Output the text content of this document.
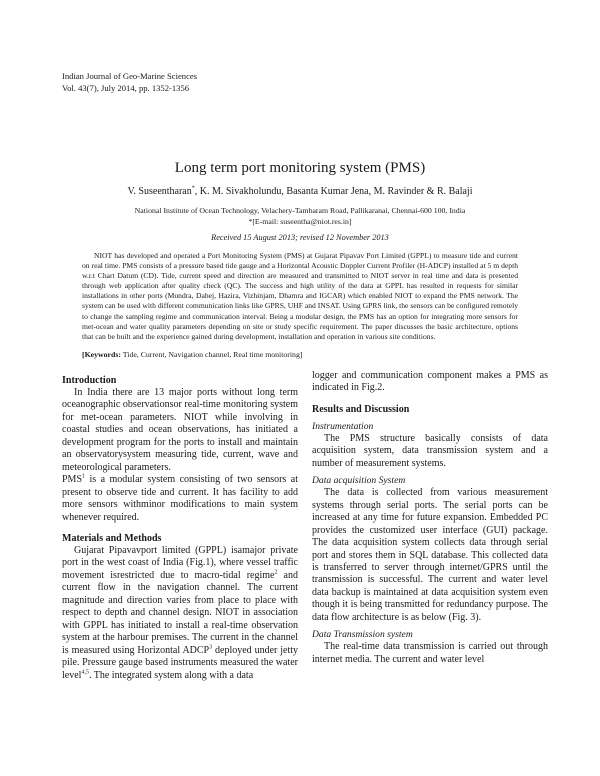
Indian Journal of Geo-Marine Sciences
Vol. 43(7), July 2014, pp. 1352-1356
Long term port monitoring system (PMS)
V. Suseentharan*, K. M. Sivakholundu, Basanta Kumar Jena, M. Ravinder & R. Balaji
National Institute of Ocean Technology, Velachery-Tambaram Road, Pallikaranai, Chennai-600 100, India
*[E-mail: suseentha@niot.res.in]
Received 15 August 2013; revised 12 November 2013

NIOT has developed and operated a Port Monitoring System (PMS) at Gujarat Pipavav Port Limited (GPPL) to measure tide and current on real time. PMS consists of a pressure based tide gauge and a Horizontal Acoustic Doppler Current Profiler (H-ADCP) installed at 5 m depth w.r.t Chart Datum (CD). Tide, current speed and direction are measured and transmitted to NIOT server in real time and data is presented through web application after quality check (QC). The success and high utility of the data at GPPL has resulted in requests for similar installations in other ports (Mundra, Dahej, Hazira, Vizhinjam, Dhamra and IGCAR) which enabled NIOT to expand the PMS network. The system can be used with different communication links like GPRS, UHF and INSAT. Using GPRS link, the sensors can be configured remotely to change the sampling regime and communication interval. Being a modular design, the PMS has an option for integrating more sensors for met-ocean and water quality parameters depending on site or study specific requirement. The paper discusses the basic architecture, options that can be built and the experience gained during development, installation and operation in various site conditions.

[Keywords: Tide, Current, Navigation channel, Real time monitoring]
Introduction

In India there are 13 major ports without long term oceanographic observationsor real-time monitoring system for met-ocean parameters. NIOT while involving in coastal studies and ocean observations, has initiated a development program for the ports to install and maintain an observatorysystem measuring tide, current, wave and meteorological parameters.

PMS$^1$ is a modular system consisting of two sensors at present to observe tide and current. It has facility to add more sensors withminor modifications to main system whenever required.

Materials and Methods

Gujarat Pipavavport limited (GPPL) isamajor private port in the west coast of India (Fig.1), where vessel traffic movement isrestricted due to macro-tidal regime$^2$ and current flow in the navigation channel. The current magnitude and direction varies from place to place with respect to depth and channel design. NIOT in association with GPPL has initiated to install a real-time observation system at the harbour premises. The current in the channel is measured using Horizontal ADCP$^3$ deployed under jetty pile. Pressure gauge based instruments measured the water level$^{4,5}$. The integrated system along with a data

logger and communication component makes a PMS as indicated in Fig.2.

Results and Discussion
Instrumentation

The PMS structure basically consists of data acquisition system, data transmission system and a number of measurement systems.

Data acquisition System

The data is collected from various measurement systems through serial ports. The serial ports can be increased at any time for future expansion. Embedded PC provides the customized user interface (GUI) package. The data acquisition system collects data through serial port and stores them in SQL database. This collected data is transferred to server through internet/GPRS until the transmission is successful. The current and water level data backup is maintained at data acquisition system even though it is being transmitted for redundancy purpose. The data flow architecture is as below (Fig. 3).

Data Transmission system

The real-time data transmission is carried out through internet media. The current and water level
